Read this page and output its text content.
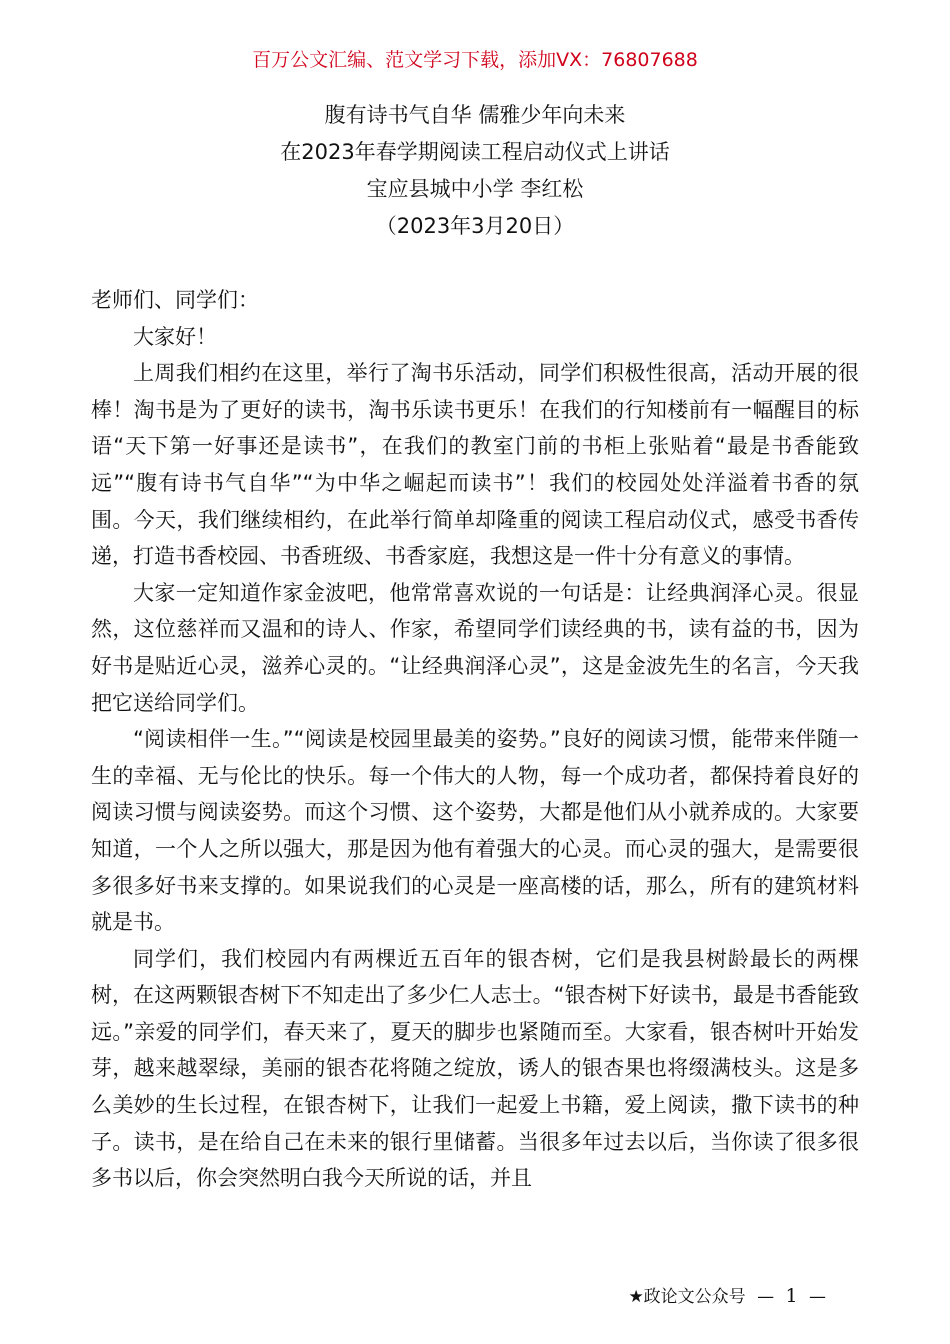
百万公文汇编、范文学习下载，添加VX：76807688
腹有诗书气自华 儒雅少年向未来
在2023年春学期阅读工程启动仪式上讲话
宝应县城中小学 李红松
（2023年3月20日）

老师们、同学们：

大家好！

上周我们相约在这里，举行了淘书乐活动，同学们积极性很高，活动开展的很棒！淘书是为了更好的读书，淘书乐读书更乐！在我们的行知楼前有一幅醒目的标语“天下第一好事还是读书”，在我们的教室门前的书柜上张贴着“最是书香能致远”“腹有诗书气自华”“为中华之崛起而读书”！我们的校园处处洋溢着书香的氛围。今天，我们继续相约，在此举行简单却隆重的阅读工程启动仪式，感受书香传递，打造书香校园、书香班级、书香家庭，我想这是一件十分有意义的事情。

大家一定知道作家金波吧，他常常喜欢说的一句话是：让经典润泽心灵。很显然，这位慈祥而又温和的诗人、作家，希望同学们读经典的书，读有益的书，因为好书是贴近心灵，滋养心灵的。“让经典润泽心灵”，这是金波先生的名言，今天我把它送给同学们。

“阅读相伴一生。”“阅读是校园里最美的姿势。”良好的阅读习惯，能带来伴随一生的幸福、无与伦比的快乐。每一个伟大的人物，每一个成功者，都保持着良好的阅读习惯与阅读姿势。而这个习惯、这个姿势，大都是他们从小就养成的。大家要知道，一个人之所以强大，那是因为他有着强大的心灵。而心灵的强大，是需要很多很多好书来支撑的。如果说我们的心灵是一座高楼的话，那么，所有的建筑材料就是书。

同学们，我们校园内有两棵近五百年的银杏树，它们是我县树龄最长的两棵树，在这两颗银杏树下不知走出了多少仁人志士。“银杏树下好读书，最是书香能致远。”亲爱的同学们，春天来了，夏天的脚步也紧随而至。大家看，银杏树叶开始发芽，越来越翠绿，美丽的银杏花将随之绽放，诱人的银杏果也将缀满枝头。这是多么美妙的生长过程，在银杏树下，让我们一起爱上书籍，爱上阅读，撒下读书的种子。读书，是在给自己在未来的银行里储蓄。当很多年过去以后，当你读了很多很多书以后，你会突然明白我今天所说的话，并且

★政论文公众号 — 1 —
